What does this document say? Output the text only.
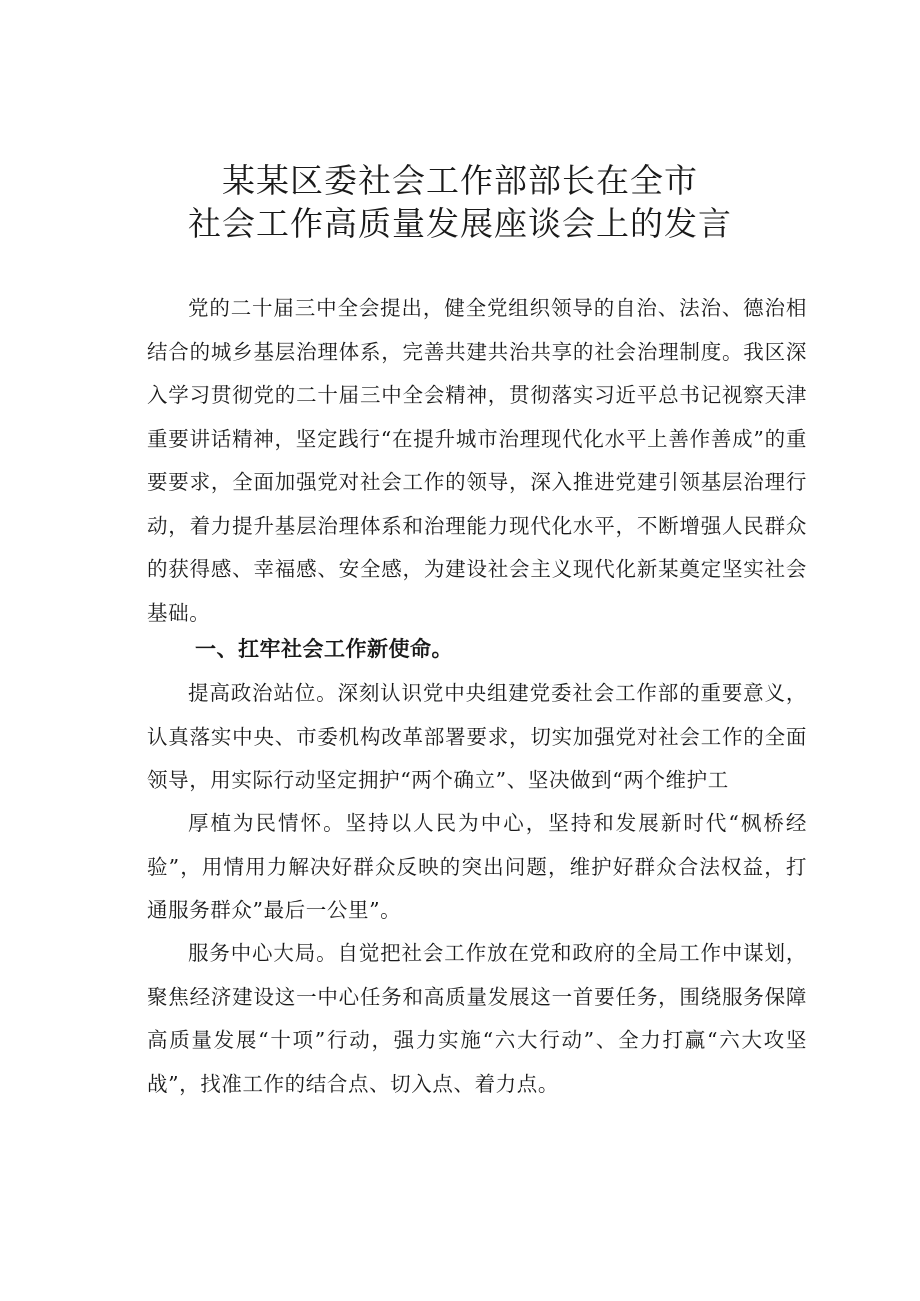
某某区委社会工作部部长在全市
社会工作高质量发展座谈会上的发言

党的二十届三中全会提出，健全党组织领导的自治、法治、德治相结合的城乡基层治理体系，完善共建共治共享的社会治理制度。我区深入学习贯彻党的二十届三中全会精神，贯彻落实习近平总书记视察天津重要讲话精神，坚定践行“在提升城市治理现代化水平上善作善成”的重要要求，全面加强党对社会工作的领导，深入推进党建引领基层治理行动，着力提升基层治理体系和治理能力现代化水平，不断增强人民群众的获得感、幸福感、安全感，为建设社会主义现代化新某奠定坚实社会基础。

一、扛牢社会工作新使命。

提高政治站位。深刻认识党中央组建党委社会工作部的重要意义，认真落实中央、市委机构改革部署要求，切实加强党对社会工作的全面领导，用实际行动坚定拥护“两个确立”、坚决做到“两个维护工

厚植为民情怀。坚持以人民为中心，坚持和发展新时代“枫桥经验”，用情用力解决好群众反映的突出问题，维护好群众合法权益，打通服务群众”最后一公里”。

服务中心大局。自觉把社会工作放在党和政府的全局工作中谋划，聚焦经济建设这一中心任务和高质量发展这一首要任务，围绕服务保障高质量发展“十项”行动，强力实施“六大行动”、全力打赢“六大攻坚战”，找准工作的结合点、切入点、着力点。
